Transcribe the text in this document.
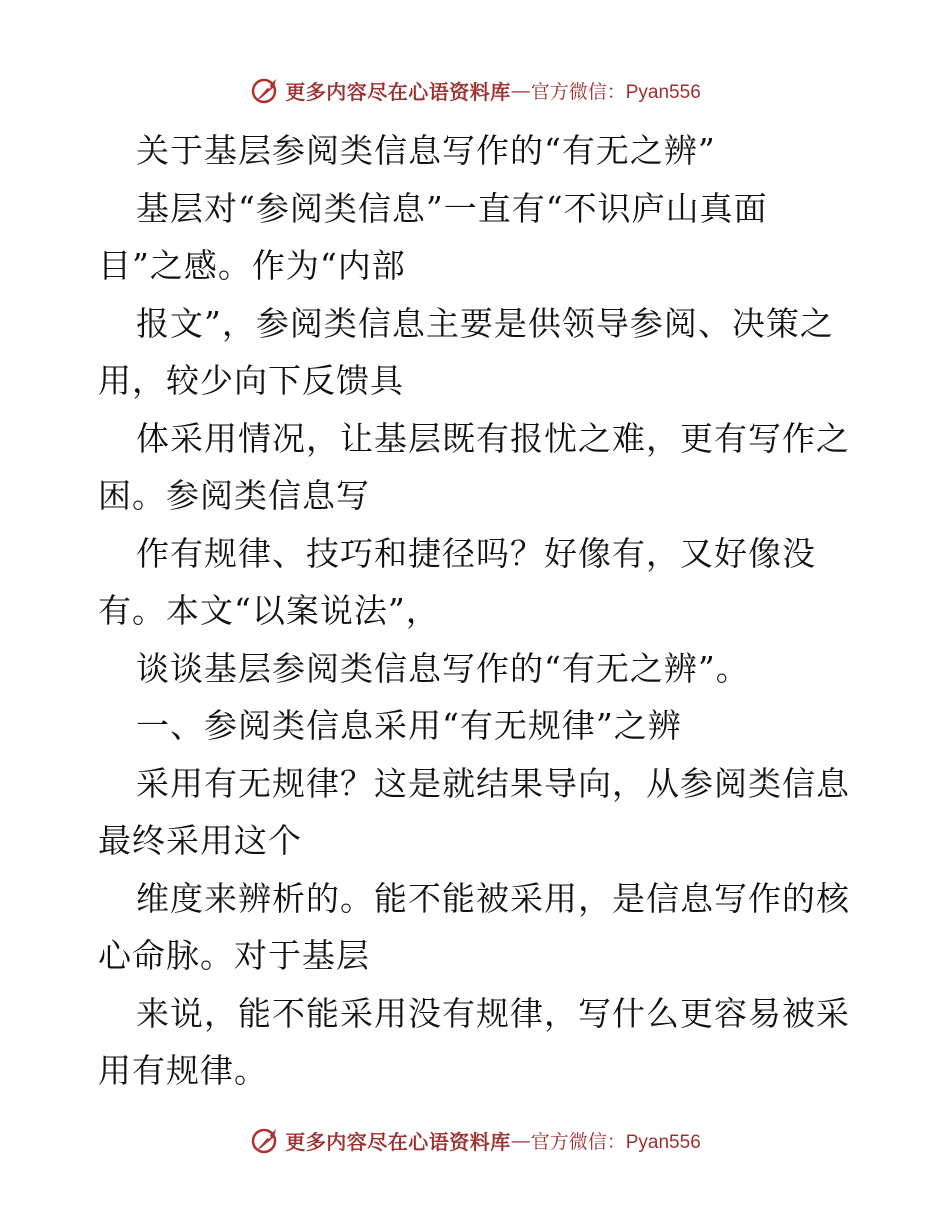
更多内容尽在心语资料库 — 官方微信：Pyan556
关于基层参阅类信息写作的“有无之辨”
基层对“参阅类信息”一直有“不识庐山真面
目”之感。作为“内部
报文”，参阅类信息主要是供领导参阅、决策之
用，较少向下反馈具
体采用情况，让基层既有报忧之难，更有写作之
困。参阅类信息写
作有规律、技巧和捷径吗？好像有，又好像没
有。本文“以案说法”，
谈谈基层参阅类信息写作的“有无之辨”。
一、参阅类信息采用“有无规律”之辨
采用有无规律？这是就结果导向，从参阅类信息
最终采用这个
维度来辨析的。能不能被采用，是信息写作的核
心命脉。对于基层
来说，能不能采用没有规律，写什么更容易被采
用有规律。
更多内容尽在心语资料库 — 官方微信：Pyan556
